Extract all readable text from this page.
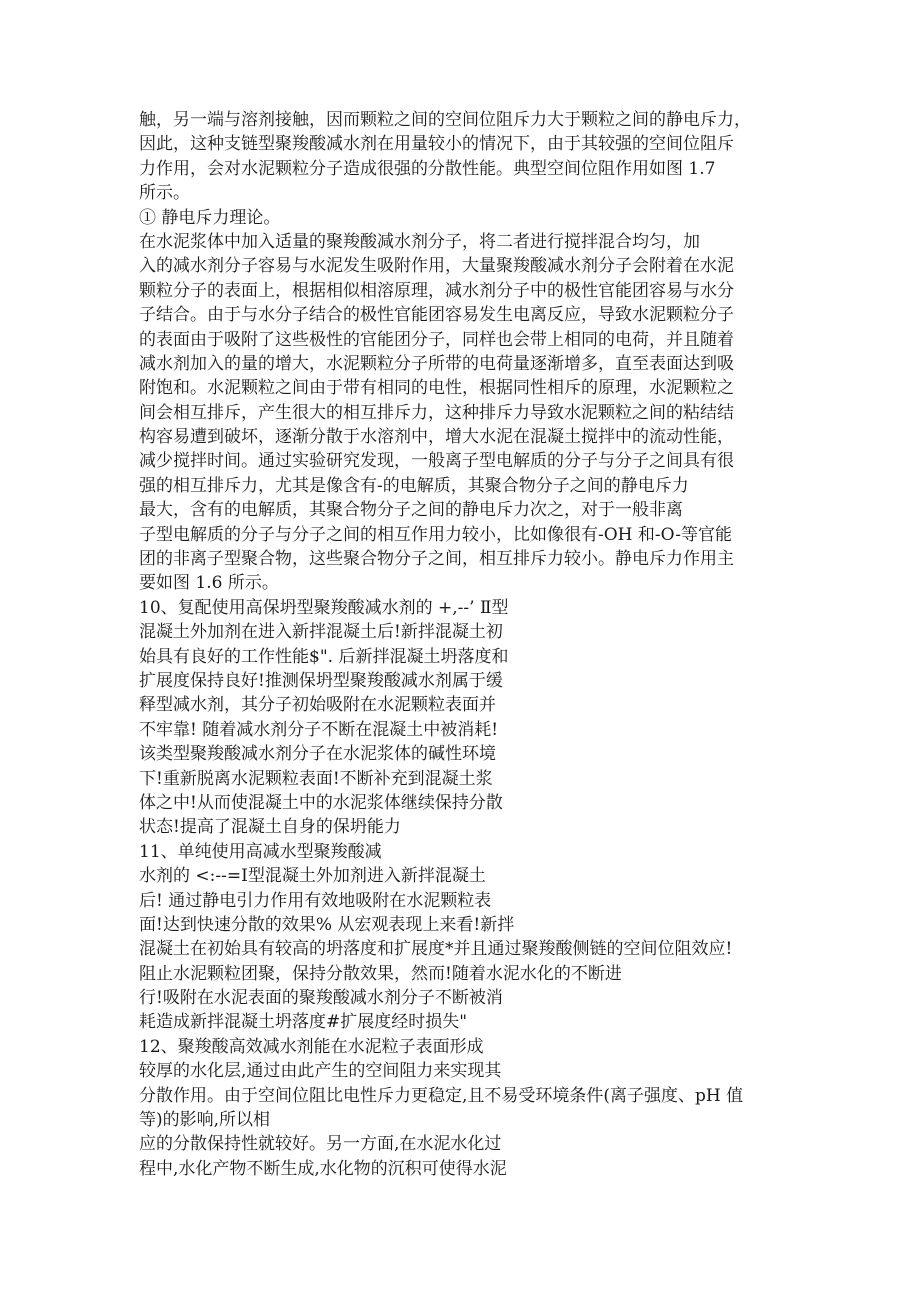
触，另一端与溶剂接触，因而颗粒之间的空间位阻斥力大于颗粒之间的静电斥力，
因此，这种支链型聚羧酸减水剂在用量较小的情况下，由于其较强的空间位阻斥
力作用，会对水泥颗粒分子造成很强的分散性能。典型空间位阻作用如图 1.7
所示。
① 静电斥力理论。
在水泥浆体中加入适量的聚羧酸减水剂分子，将二者进行搅拌混合均匀，加
入的减水剂分子容易与水泥发生吸附作用，大量聚羧酸减水剂分子会附着在水泥
颗粒分子的表面上，根据相似相溶原理，减水剂分子中的极性官能团容易与水分
子结合。由于与水分子结合的极性官能团容易发生电离反应，导致水泥颗粒分子
的表面由于吸附了这些极性的官能团分子，同样也会带上相同的电荷，并且随着
减水剂加入的量的增大，水泥颗粒分子所带的电荷量逐渐增多，直至表面达到吸
附饱和。水泥颗粒之间由于带有相同的电性，根据同性相斥的原理，水泥颗粒之
间会相互排斥，产生很大的相互排斥力，这种排斥力导致水泥颗粒之间的粘结结
构容易遭到破坏，逐渐分散于水溶剂中，增大水泥在混凝土搅拌中的流动性能，
减少搅拌时间。通过实验研究发现，一般离子型电解质的分子与分子之间具有很
强的相互排斥力，尤其是像含有-的电解质，其聚合物分子之间的静电斥力
最大，含有的电解质，其聚合物分子之间的静电斥力次之，对于一般非离
子型电解质的分子与分子之间的相互作用力较小，比如像很有-OH 和-O-等官能
团的非离子型聚合物，这些聚合物分子之间，相互排斥力较小。静电斥力作用主
要如图 1.6 所示。
10、复配使用高保坍型聚羧酸减水剂的 +,--’ Ⅱ型
混凝土外加剂在进入新拌混凝土后!新拌混凝土初
始具有良好的工作性能$". 后新拌混凝土坍落度和
扩展度保持良好!推测保坍型聚羧酸减水剂属于缓
释型减水剂，其分子初始吸附在水泥颗粒表面并
不牢靠! 随着减水剂分子不断在混凝土中被消耗!
该类型聚羧酸减水剂分子在水泥浆体的碱性环境
下!重新脱离水泥颗粒表面!不断补充到混凝土浆
体之中!从而使混凝土中的水泥浆体继续保持分散
状态!提高了混凝土自身的保坍能力
11、单纯使用高减水型聚羧酸减
水剂的 <:--=Ⅰ型混凝土外加剂进入新拌混凝土
后! 通过静电引力作用有效地吸附在水泥颗粒表
面!达到快速分散的效果% 从宏观表现上来看!新拌
混凝土在初始具有较高的坍落度和扩展度*并且通过聚羧酸侧链的空间位阻效应!
阻止水泥颗粒团聚，保持分散效果，然而!随着水泥水化的不断进
行!吸附在水泥表面的聚羧酸减水剂分子不断被消
耗造成新拌混凝土坍落度#扩展度经时损失"
12、聚羧酸高效减水剂能在水泥粒子表面形成
较厚的水化层,通过由此产生的空间阻力来实现其
分散作用。由于空间位阻比电性斥力更稳定,且不易受环境条件(离子强度、pH 值
等)的影响,所以相
应的分散保持性就较好。另一方面,在水泥水化过
程中,水化产物不断生成,水化物的沉积可使得水泥
